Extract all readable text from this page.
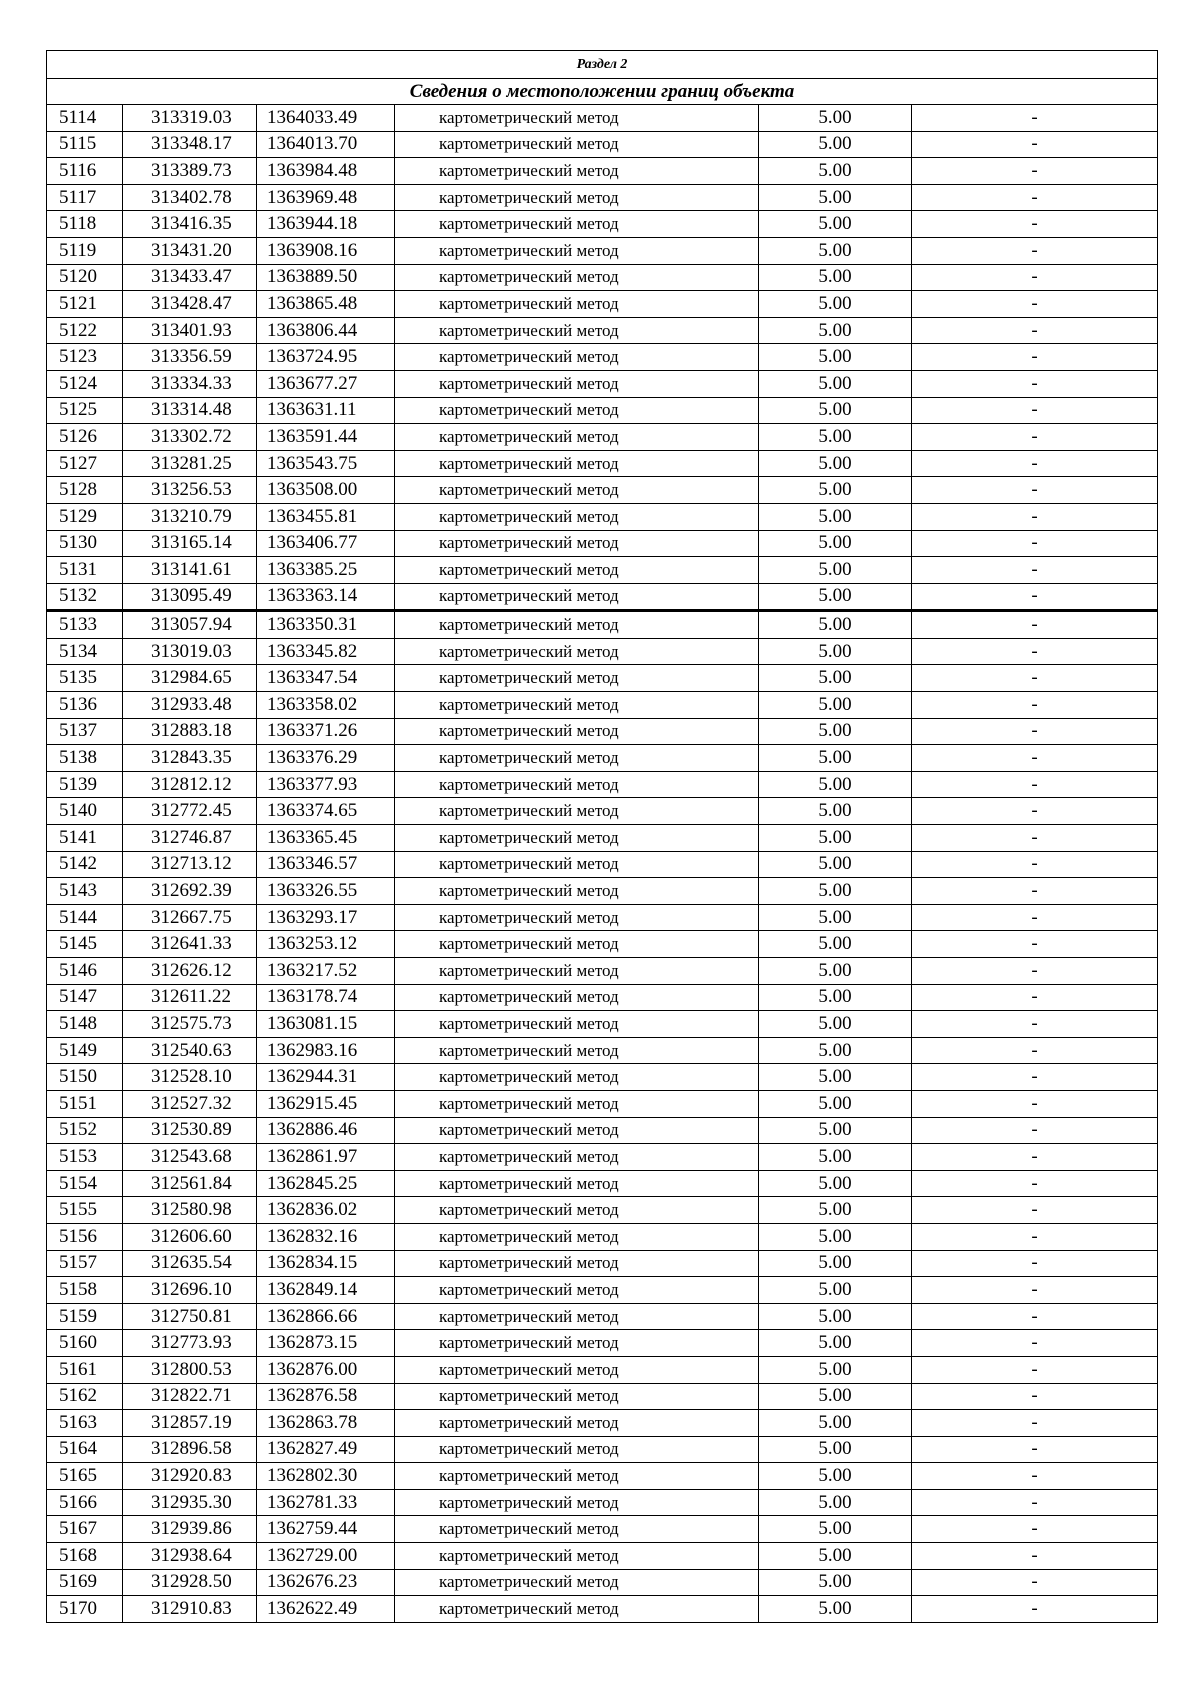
Раздел 2					
Сведения о местоположении границ объекта					
5114	313319.03	1364033.49	картометрический метод	5.00	-
5115	313348.17	1364013.70	картометрический метод	5.00	-
5116	313389.73	1363984.48	картометрический метод	5.00	-
5117	313402.78	1363969.48	картометрический метод	5.00	-
5118	313416.35	1363944.18	картометрический метод	5.00	-
5119	313431.20	1363908.16	картометрический метод	5.00	-
5120	313433.47	1363889.50	картометрический метод	5.00	-
5121	313428.47	1363865.48	картометрический метод	5.00	-
5122	313401.93	1363806.44	картометрический метод	5.00	-
5123	313356.59	1363724.95	картометрический метод	5.00	-
5124	313334.33	1363677.27	картометрический метод	5.00	-
5125	313314.48	1363631.11	картометрический метод	5.00	-
5126	313302.72	1363591.44	картометрический метод	5.00	-
5127	313281.25	1363543.75	картометрический метод	5.00	-
5128	313256.53	1363508.00	картометрический метод	5.00	-
5129	313210.79	1363455.81	картометрический метод	5.00	-
5130	313165.14	1363406.77	картометрический метод	5.00	-
5131	313141.61	1363385.25	картометрический метод	5.00	-
5132	313095.49	1363363.14	картометрический метод	5.00	-
5133	313057.94	1363350.31	картометрический метод	5.00	-
5134	313019.03	1363345.82	картометрический метод	5.00	-
5135	312984.65	1363347.54	картометрический метод	5.00	-
5136	312933.48	1363358.02	картометрический метод	5.00	-
5137	312883.18	1363371.26	картометрический метод	5.00	-
5138	312843.35	1363376.29	картометрический метод	5.00	-
5139	312812.12	1363377.93	картометрический метод	5.00	-
5140	312772.45	1363374.65	картометрический метод	5.00	-
5141	312746.87	1363365.45	картометрический метод	5.00	-
5142	312713.12	1363346.57	картометрический метод	5.00	-
5143	312692.39	1363326.55	картометрический метод	5.00	-
5144	312667.75	1363293.17	картометрический метод	5.00	-
5145	312641.33	1363253.12	картометрический метод	5.00	-
5146	312626.12	1363217.52	картометрический метод	5.00	-
5147	312611.22	1363178.74	картометрический метод	5.00	-
5148	312575.73	1363081.15	картометрический метод	5.00	-
5149	312540.63	1362983.16	картометрический метод	5.00	-
5150	312528.10	1362944.31	картометрический метод	5.00	-
5151	312527.32	1362915.45	картометрический метод	5.00	-
5152	312530.89	1362886.46	картометрический метод	5.00	-
5153	312543.68	1362861.97	картометрический метод	5.00	-
5154	312561.84	1362845.25	картометрический метод	5.00	-
5155	312580.98	1362836.02	картометрический метод	5.00	-
5156	312606.60	1362832.16	картометрический метод	5.00	-
5157	312635.54	1362834.15	картометрический метод	5.00	-
5158	312696.10	1362849.14	картометрический метод	5.00	-
5159	312750.81	1362866.66	картометрический метод	5.00	-
5160	312773.93	1362873.15	картометрический метод	5.00	-
5161	312800.53	1362876.00	картометрический метод	5.00	-
5162	312822.71	1362876.58	картометрический метод	5.00	-
5163	312857.19	1362863.78	картометрический метод	5.00	-
5164	312896.58	1362827.49	картометрический метод	5.00	-
5165	312920.83	1362802.30	картометрический метод	5.00	-
5166	312935.30	1362781.33	картометрический метод	5.00	-
5167	312939.86	1362759.44	картометрический метод	5.00	-
5168	312938.64	1362729.00	картометрический метод	5.00	-
5169	312928.50	1362676.23	картометрический метод	5.00	-
5170	312910.83	1362622.49	картометрический метод	5.00	-
